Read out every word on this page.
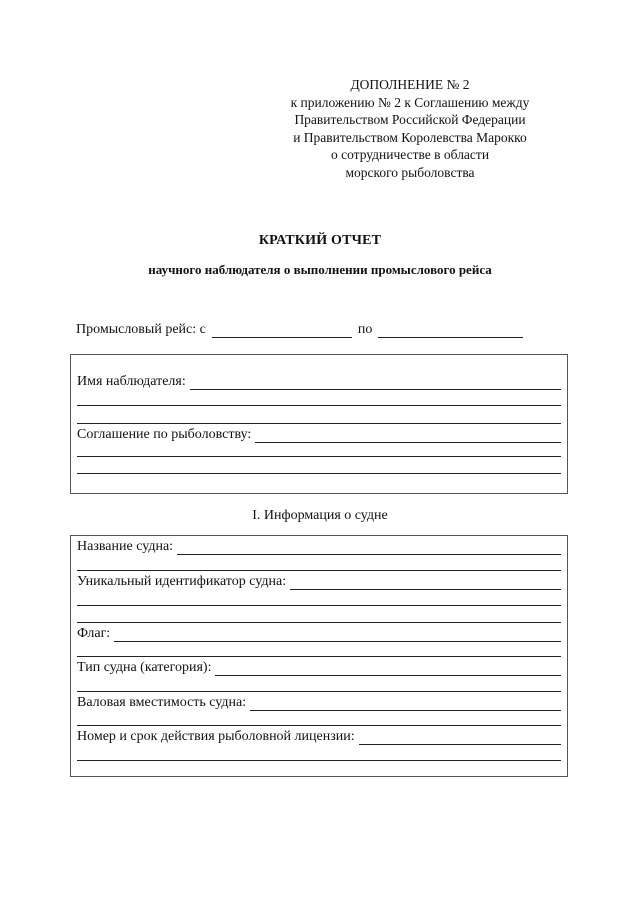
ДОПОЛНЕНИЕ № 2
к приложению № 2 к Соглашению между
Правительством Российской Федерации
и Правительством Королевства Марокко
о сотрудничестве в области
морского рыболовства
КРАТКИЙ ОТЧЕТ
научного наблюдателя о выполнении промыслового рейса
Промысловый рейс: с	по
Имя наблюдателя:
Соглашение по рыболовству:
I. Информация о судне
Название судна:
Уникальный идентификатор судна:
Флаг:
Тип судна (категория):
Валовая вместимость судна:
Номер и срок действия рыболовной лицензии:
